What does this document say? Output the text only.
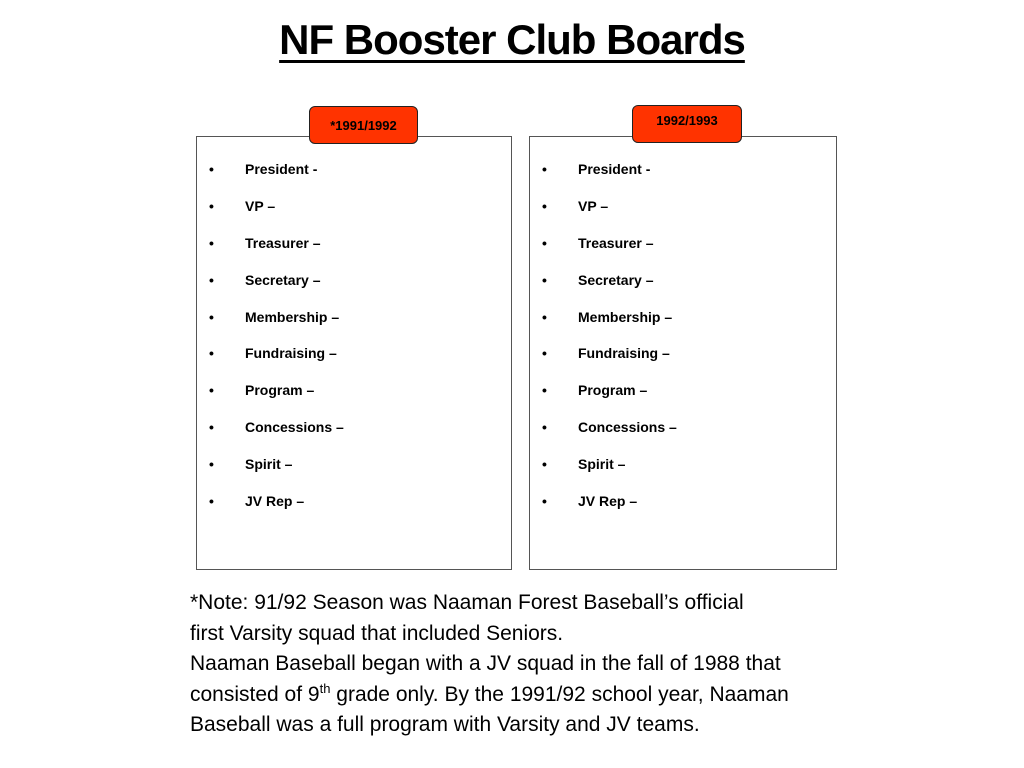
NF Booster Club Boards
• President -
• VP –
• Treasurer –
• Secretary –
• Membership –
• Fundraising –
• Program –
• Concessions –
• Spirit –
• JV Rep –
• President -
• VP –
• Treasurer –
• Secretary –
• Membership –
• Fundraising –
• Program –
• Concessions –
• Spirit –
• JV Rep –
*1991/1992	1992/1993

*Note: 91/92 Season was Naaman Forest Baseball’s official

first Varsity squad that included Seniors.

Naaman Baseball began with a JV squad in the fall of 1988 that

consisted of 9th grade only. By the 1991/92 school year, Naaman

Baseball was a full program with Varsity and JV teams.
